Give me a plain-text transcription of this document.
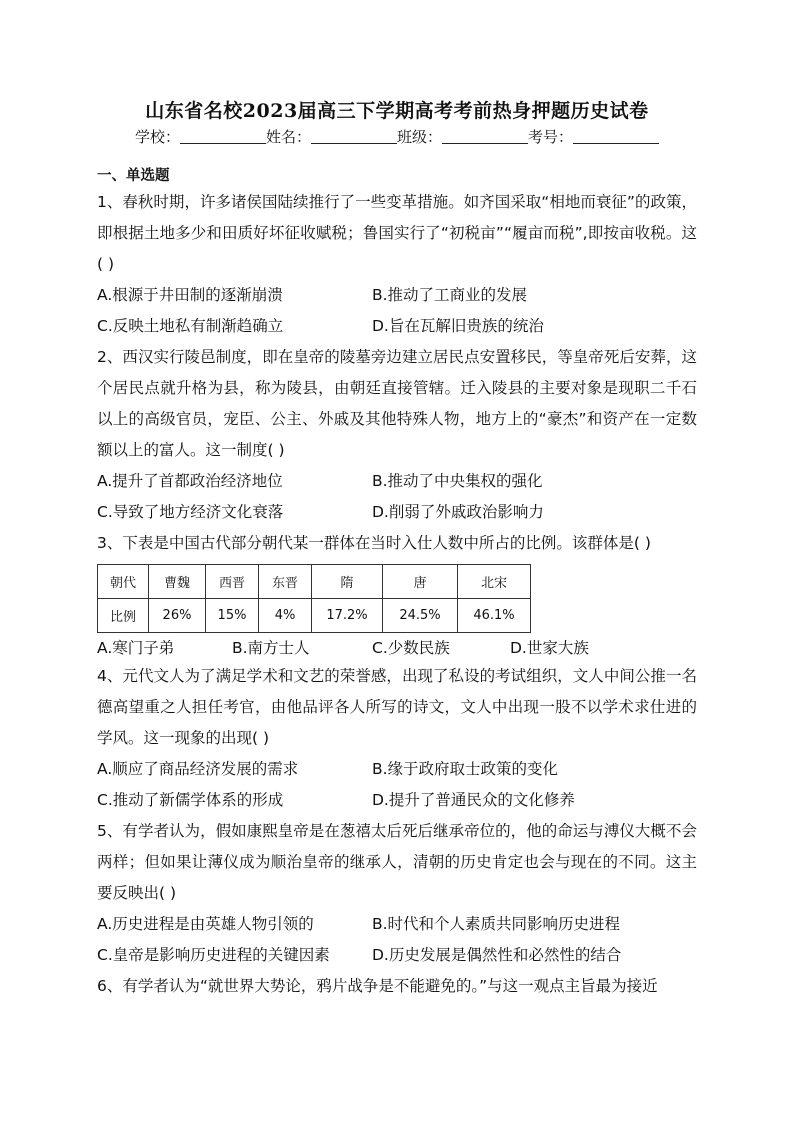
山东省名校2023届高三下学期高考考前热身押题历史试卷
学校：	姓名：	班级：	考号：
一、单选题

1、春秋时期，许多诸侯国陆续推行了一些变革措施。如齐国采取“相地而衰征”的政策，即根据土地多少和田质好坏征收赋税；鲁国实行了“初税亩”“履亩而税”,即按亩收税。这( )

A.根源于井田制的逐渐崩溃	B.推动了工商业的发展
C.反映土地私有制渐趋确立	D.旨在瓦解旧贵族的统治

2、西汉实行陵邑制度，即在皇帝的陵墓旁边建立居民点安置移民，等皇帝死后安葬，这个居民点就升格为县，称为陵县，由朝廷直接管辖。迁入陵县的主要对象是现职二千石以上的高级官员，宠臣、公主、外戚及其他特殊人物，地方上的“豪杰”和资产在一定数额以上的富人。这一制度( )

A.提升了首都政治经济地位	B.推动了中央集权的强化
C.导致了地方经济文化衰落	D.削弱了外戚政治影响力

3、下表是中国古代部分朝代某一群体在当时入仕人数中所占的比例。该群体是( )

朝代	曹魏	西晋	东晋	隋	唐	北宋
比例	26%	15%	4%	17.2%	24.5%	46.1%
A.寒门子弟	B.南方士人	C.少数民族	D.世家大族

4、元代文人为了满足学术和文艺的荣誉感，出现了私设的考试组织，文人中间公推一名德高望重之人担任考官，由他品评各人所写的诗文，文人中出现一股不以学术求仕进的学风。这一现象的出现( )

A.顺应了商品经济发展的需求	B.缘于政府取士政策的变化
C.推动了新儒学体系的形成	D.提升了普通民众的文化修养

5、有学者认为，假如康熙皇帝是在葱禧太后死后继承帝位的，他的命运与溥仪大概不会两样；但如果让薄仪成为顺治皇帝的继承人，清朝的历史肯定也会与现在的不同。这主要反映出( )

A.历史进程是由英雄人物引领的	B.时代和个人素质共同影响历史进程
C.皇帝是影响历史进程的关键因素	D.历史发展是偶然性和必然性的结合

6、有学者认为“就世界大势论，鸦片战争是不能避免的。”与这一观点主旨最为接近
